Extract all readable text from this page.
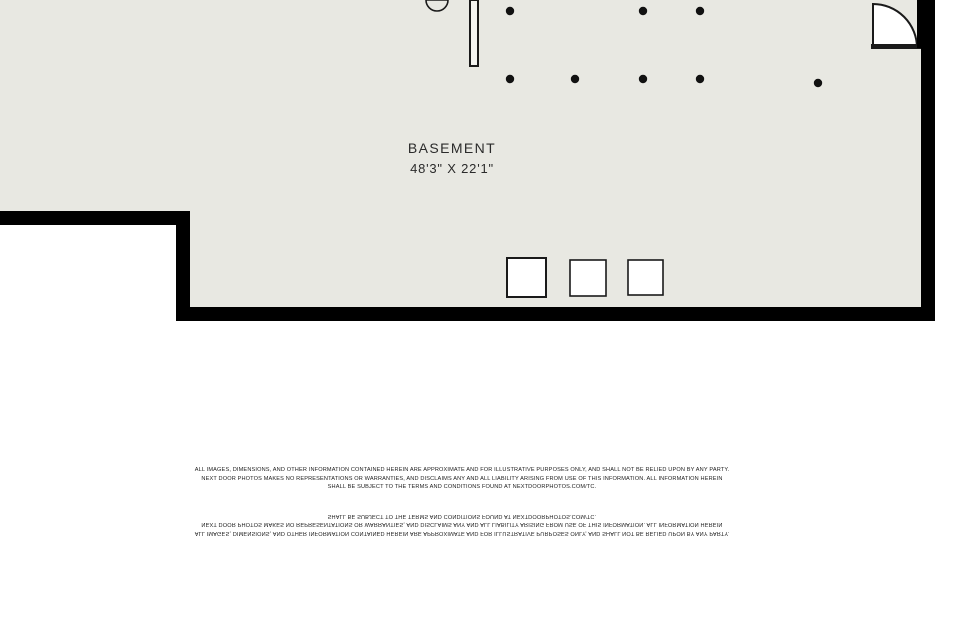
BASEMENT
48'3" X 22'1"
ALL IMAGES, DIMENSIONS, AND OTHER INFORMATION CONTAINED HEREIN ARE APPROXIMATE AND FOR ILLUSTRATIVE PURPOSES ONLY, AND SHALL NOT BE RELIED UPON BY ANY PARTY.
NEXT DOOR PHOTOS MAKES NO REPRESENTATIONS OR WARRANTIES, AND DISCLAIMS ANY AND ALL LIABILITY ARISING FROM USE OF THIS INFORMATION. ALL INFORMATION HEREIN
SHALL BE SUBJECT TO THE TERMS AND CONDITIONS FOUND AT NEXTDOORPHOTOS.COM/TC.
ALL IMAGES, DIMENSIONS, AND OTHER INFORMATION CONTAINED HEREIN ARE APPROXIMATE AND FOR ILLUSTRATIVE PURPOSES ONLY, AND SHALL NOT BE RELIED UPON BY ANY PARTY.
NEXT DOOR PHOTOS MAKES NO REPRESENTATIONS OR WARRANTIES, AND DISCLAIMS ANY AND ALL LIABILITY ARISING FROM USE OF THIS INFORMATION. ALL INFORMATION HEREIN
SHALL BE SUBJECT TO THE TERMS AND CONDITIONS FOUND AT NEXTDOORPHOTOS.COM/TC.
